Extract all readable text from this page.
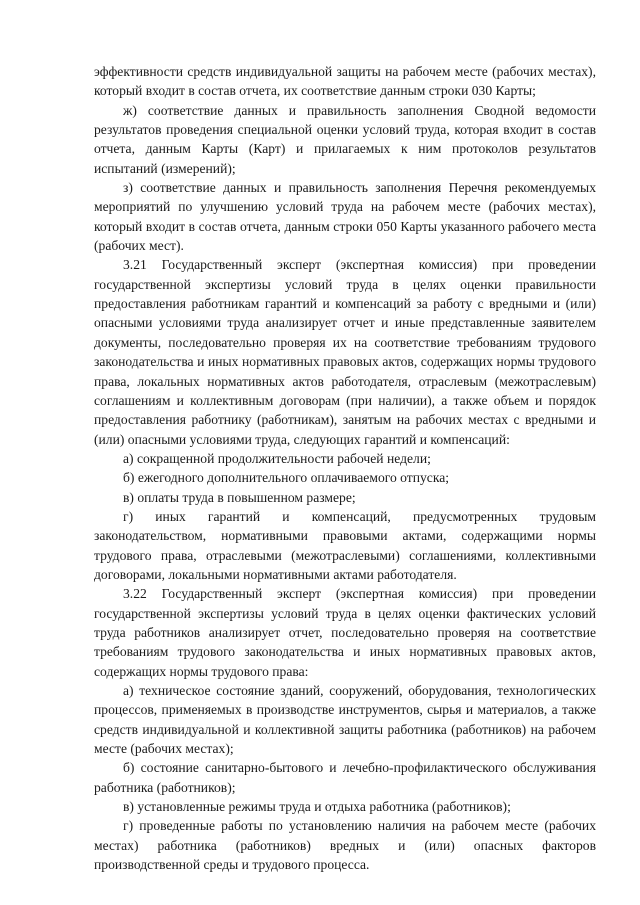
эффективности средств индивидуальной защиты на рабочем месте (рабочих местах), который входит в состав отчета, их соответствие данным строки 030 Карты;

ж) соответствие данных и правильность заполнения Сводной ведомости результатов проведения специальной оценки условий труда, которая входит в состав отчета, данным Карты (Карт) и прилагаемых к ним протоколов результатов испытаний (измерений);

з) соответствие данных и правильность заполнения Перечня рекомендуемых мероприятий по улучшению условий труда на рабочем месте (рабочих местах), который входит в состав отчета, данным строки 050 Карты указанного рабочего места (рабочих мест).

3.21 Государственный эксперт (экспертная комиссия) при проведении государственной экспертизы условий труда в целях оценки правильности предоставления работникам гарантий и компенсаций за работу с вредными и (или) опасными условиями труда анализирует отчет и иные представленные заявителем документы, последовательно проверяя их на соответствие требованиям трудового законодательства и иных нормативных правовых актов, содержащих нормы трудового права, локальных нормативных актов работодателя, отраслевым (межотраслевым) соглашениям и коллективным договорам (при наличии), а также объем и порядок предоставления работнику (работникам), занятым на рабочих местах с вредными и (или) опасными условиями труда, следующих гарантий и компенсаций:

а) сокращенной продолжительности рабочей недели;

б) ежегодного дополнительного оплачиваемого отпуска;

в) оплаты труда в повышенном размере;

г) иных гарантий и компенсаций, предусмотренных трудовым законодательством, нормативными правовыми актами, содержащими нормы трудового права, отраслевыми (межотраслевыми) соглашениями, коллективными договорами, локальными нормативными актами работодателя.

3.22 Государственный эксперт (экспертная комиссия) при проведении государственной экспертизы условий труда в целях оценки фактических условий труда работников анализирует отчет, последовательно проверяя на соответствие требованиям трудового законодательства и иных нормативных правовых актов, содержащих нормы трудового права:

а) техническое состояние зданий, сооружений, оборудования, технологических процессов, применяемых в производстве инструментов, сырья и материалов, а также средств индивидуальной и коллективной защиты работника (работников) на рабочем месте (рабочих местах);

б) состояние санитарно-бытового и лечебно-профилактического обслуживания работника (работников);

в) установленные режимы труда и отдыха работника (работников);

г) проведенные работы по установлению наличия на рабочем месте (рабочих местах) работника (работников) вредных и (или) опасных факторов производственной среды и трудового процесса.
